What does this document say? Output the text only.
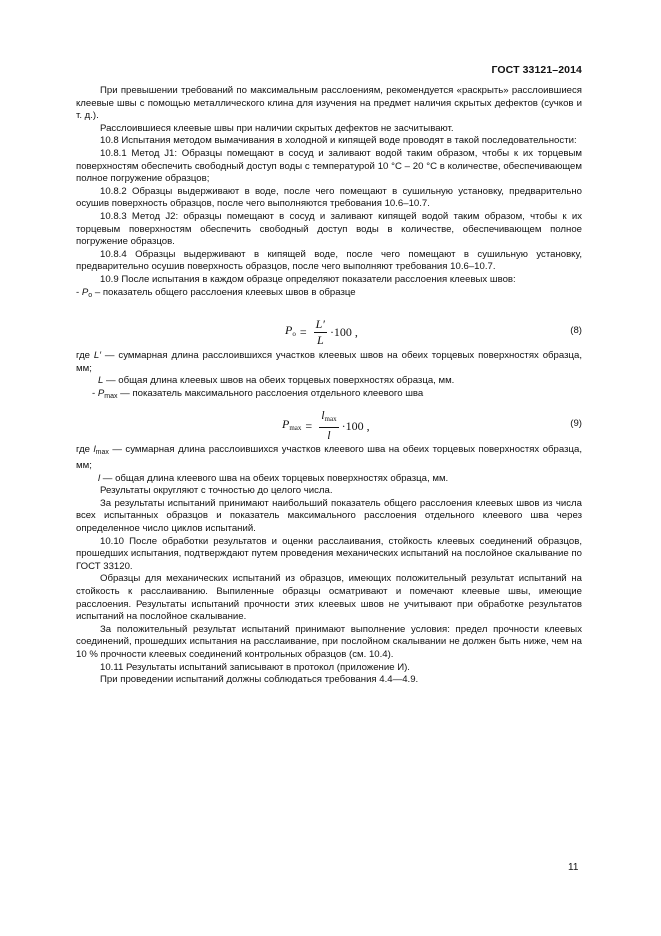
ГОСТ 33121–2014

При превышении требований по максимальным расслоениям, рекомендуется «раскрыть» расслоившиеся клеевые швы с помощью металлического клина для изучения на предмет наличия скрытых дефектов (сучков и т. д.).

Расслоившиеся клеевые швы при наличии скрытых дефектов не засчитывают.

10.8 Испытания методом вымачивания в холодной и кипящей воде проводят в такой последовательности:

10.8.1 Метод J1: Образцы помещают в сосуд и заливают водой таким образом, чтобы к их торцевым поверхностям обеспечить свободный доступ воды с температурой 10 °С – 20 °С в количестве, обеспечивающем полное погружение образцов;

10.8.2 Образцы выдерживают в воде, после чего помещают в сушильную установку, предварительно осушив поверхность образцов, после чего выполняются требования 10.6–10.7.

10.8.3 Метод J2: образцы помещают в сосуд и заливают кипящей водой таким образом, чтобы к их торцевым поверхностям обеспечить свободный доступ воды в количестве, обеспечивающем полное погружение образцов.

10.8.4 Образцы выдерживают в кипящей воде, после чего помещают в сушильную установку, предварительно осушив поверхность образцов, после чего выполняют требования 10.6–10.7.

10.9 После испытания в каждом образце определяют показатели расслоения клеевых швов:

- $P_о$ – показатель общего расслоения клеевых швов в образце

$P_о = \frac{L'}{L} \cdot 100$ ,	(8)

где L′ — суммарная длина расслоившихся участков клеевых швов на обеих торцевых поверхностях образца, мм;

L — общая длина клеевых швов на обеих торцевых поверхностях образца, мм.

- $P_{max}$ — показатель максимального расслоения отдельного клеевого шва

$P_{max} = \frac{l_{max}}{l} \cdot 100$ ,	(9)

где $l_{max}$ — суммарная длина расслоившихся участков клеевого шва на обеих торцевых поверхностях образца, мм;

l — общая длина клеевого шва на обеих торцевых поверхностях образца, мм.

Результаты округляют с точностью до целого числа.

За результаты испытаний принимают наибольший показатель общего расслоения клеевых швов из числа всех испытанных образцов и показатель максимального расслоения отдельного клеевого шва через определенное число циклов испытаний.

10.10 После обработки результатов и оценки расслаивания, стойкость клеевых соединений образцов, прошедших испытания, подтверждают путем проведения механических испытаний на послойное скалывание по ГОСТ 33120.

Образцы для механических испытаний из образцов, имеющих положительный результат испытаний на стойкость к расслаиванию. Выпиленные образцы осматривают и помечают клеевые швы, имеющие расслоения. Результаты испытаний прочности этих клеевых швов не учитывают при обработке результатов испытаний на послойное скалывание.

За положительный результат испытаний принимают выполнение условия: предел прочности клеевых соединений, прошедших испытания на расслаивание, при послойном скалывании не должен быть ниже, чем на 10 % прочности клеевых соединений контрольных образцов (см. 10.4).

10.11 Результаты испытаний записывают в протокол (приложение И).

При проведении испытаний должны соблюдаться требования 4.4—4.9.

11
